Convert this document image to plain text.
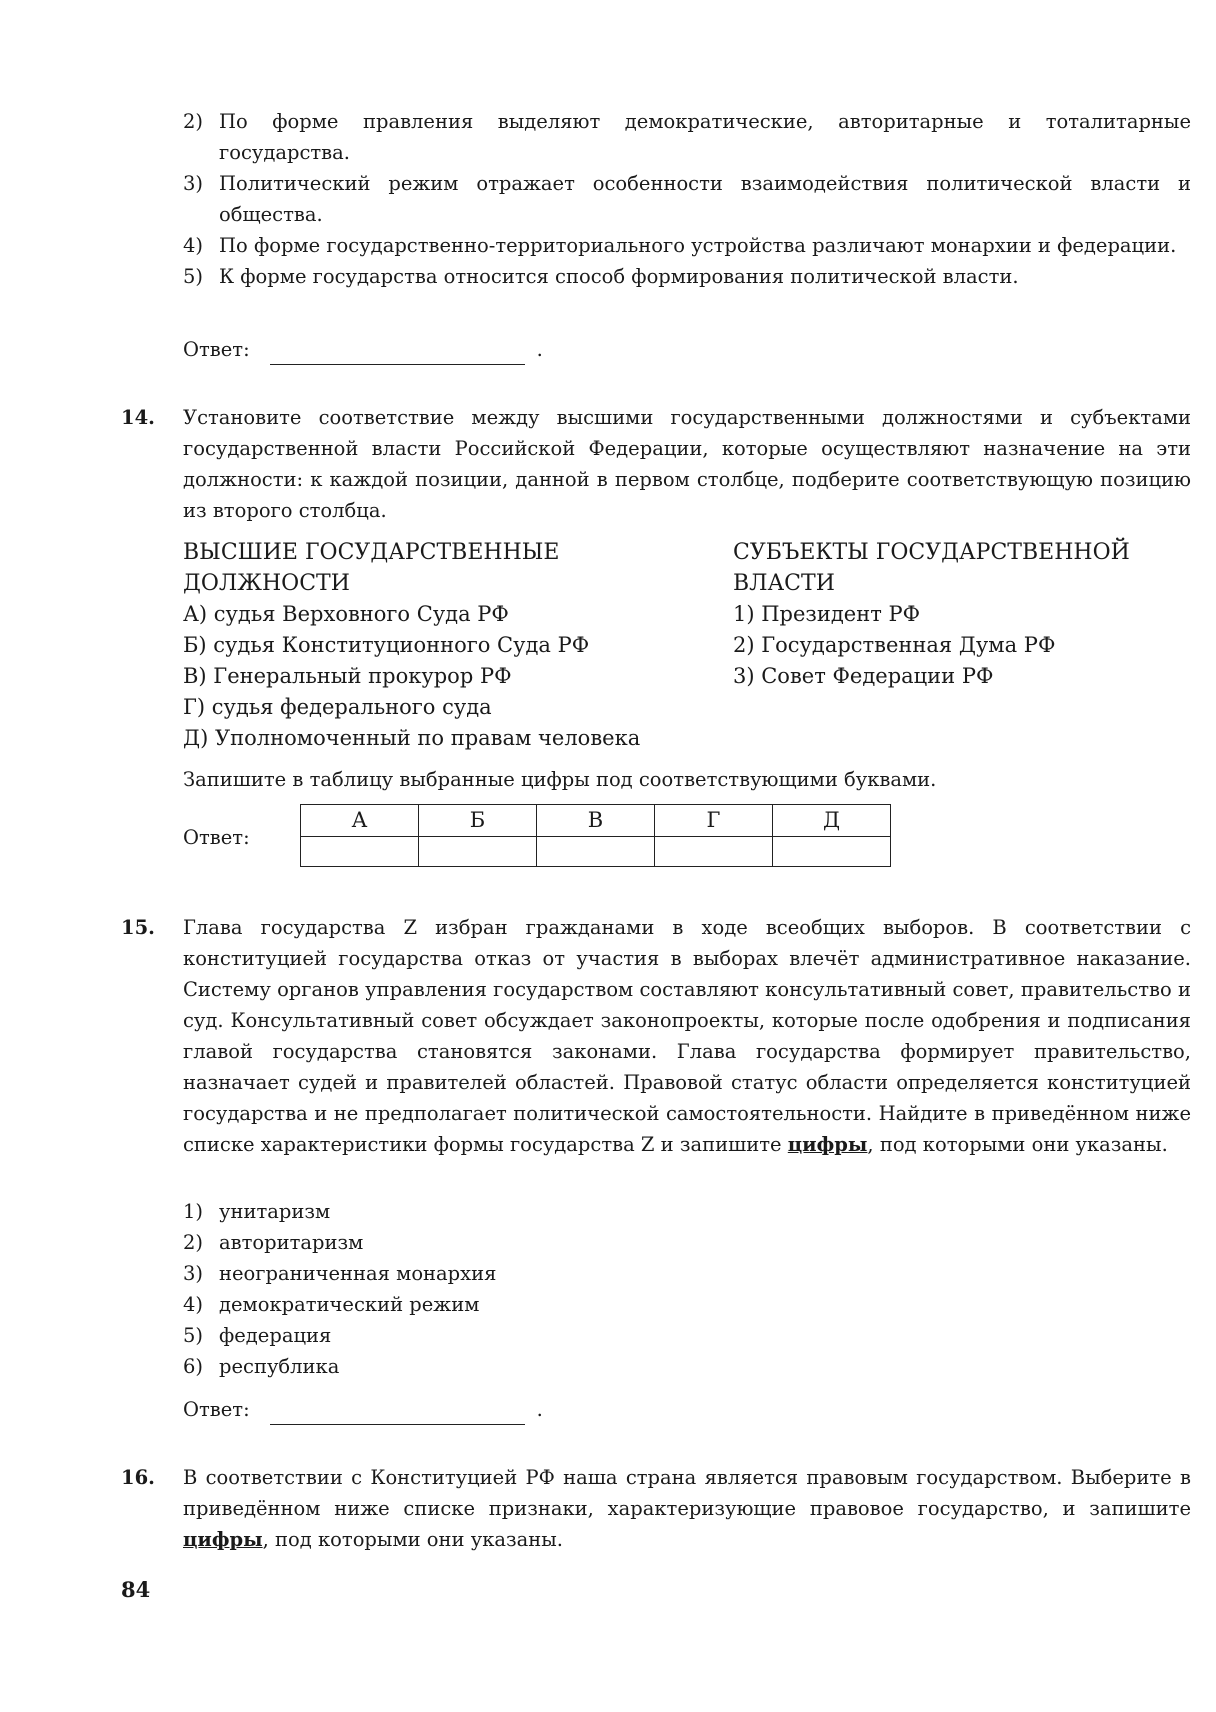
2) По форме правления выделяют демократические, авторитарные и тоталитарные государства.
3) Политический режим отражает особенности взаимодействия политической власти и общества.
4) По форме государственно-территориального устройства различают монархии и федерации.
5) К форме государства относится способ формирования политической власти.
Ответ:	.
14.	Установите соответствие между высшими государственными должностями и субъектами государственной власти Российской Федерации, которые осуществляют назначение на эти должности: к каждой позиции, данной в первом столбце, подберите соответствующую позицию из второго столбца.
ВЫСШИЕ ГОСУДАРСТВЕННЫЕ
ДОЛЖНОСТИ
А) судья Верховного Суда РФ
Б) судья Конституционного Суда РФ
В) Генеральный прокурор РФ
Г) судья федерального суда
Д) Уполномоченный по правам человека
СУБЪЕКТЫ ГОСУДАРСТВЕННОЙ
ВЛАСТИ
1) Президент РФ
2) Государственная Дума РФ
3) Совет Федерации РФ
Запишите в таблицу выбранные цифры под соответствующими буквами.
Ответ:
А	Б	В	Г	Д

15.	Глава государства Z избран гражданами в ходе всеобщих выборов. В соответствии с конституцией государства отказ от участия в выборах влечёт административное наказание. Систему органов управления государством составляют консультативный совет, правительство и суд. Консультативный совет обсуждает законопроекты, которые после одобрения и подписания главой государства становятся законами. Глава государства формирует правительство, назначает судей и правителей областей. Правовой статус области определяется конституцией государства и не предполагает политической самостоятельности. Найдите в приведённом ниже списке характеристики формы государства Z и запишите цифры, под которыми они указаны.
1) унитаризм
2) авторитаризм
3) неограниченная монархия
4) демократический режим
5) федерация
6) республика
Ответ:	.
16.	В соответствии с Конституцией РФ наша страна является правовым государством. Выберите в приведённом ниже списке признаки, характеризующие правовое государство, и запишите цифры, под которыми они указаны.
84
